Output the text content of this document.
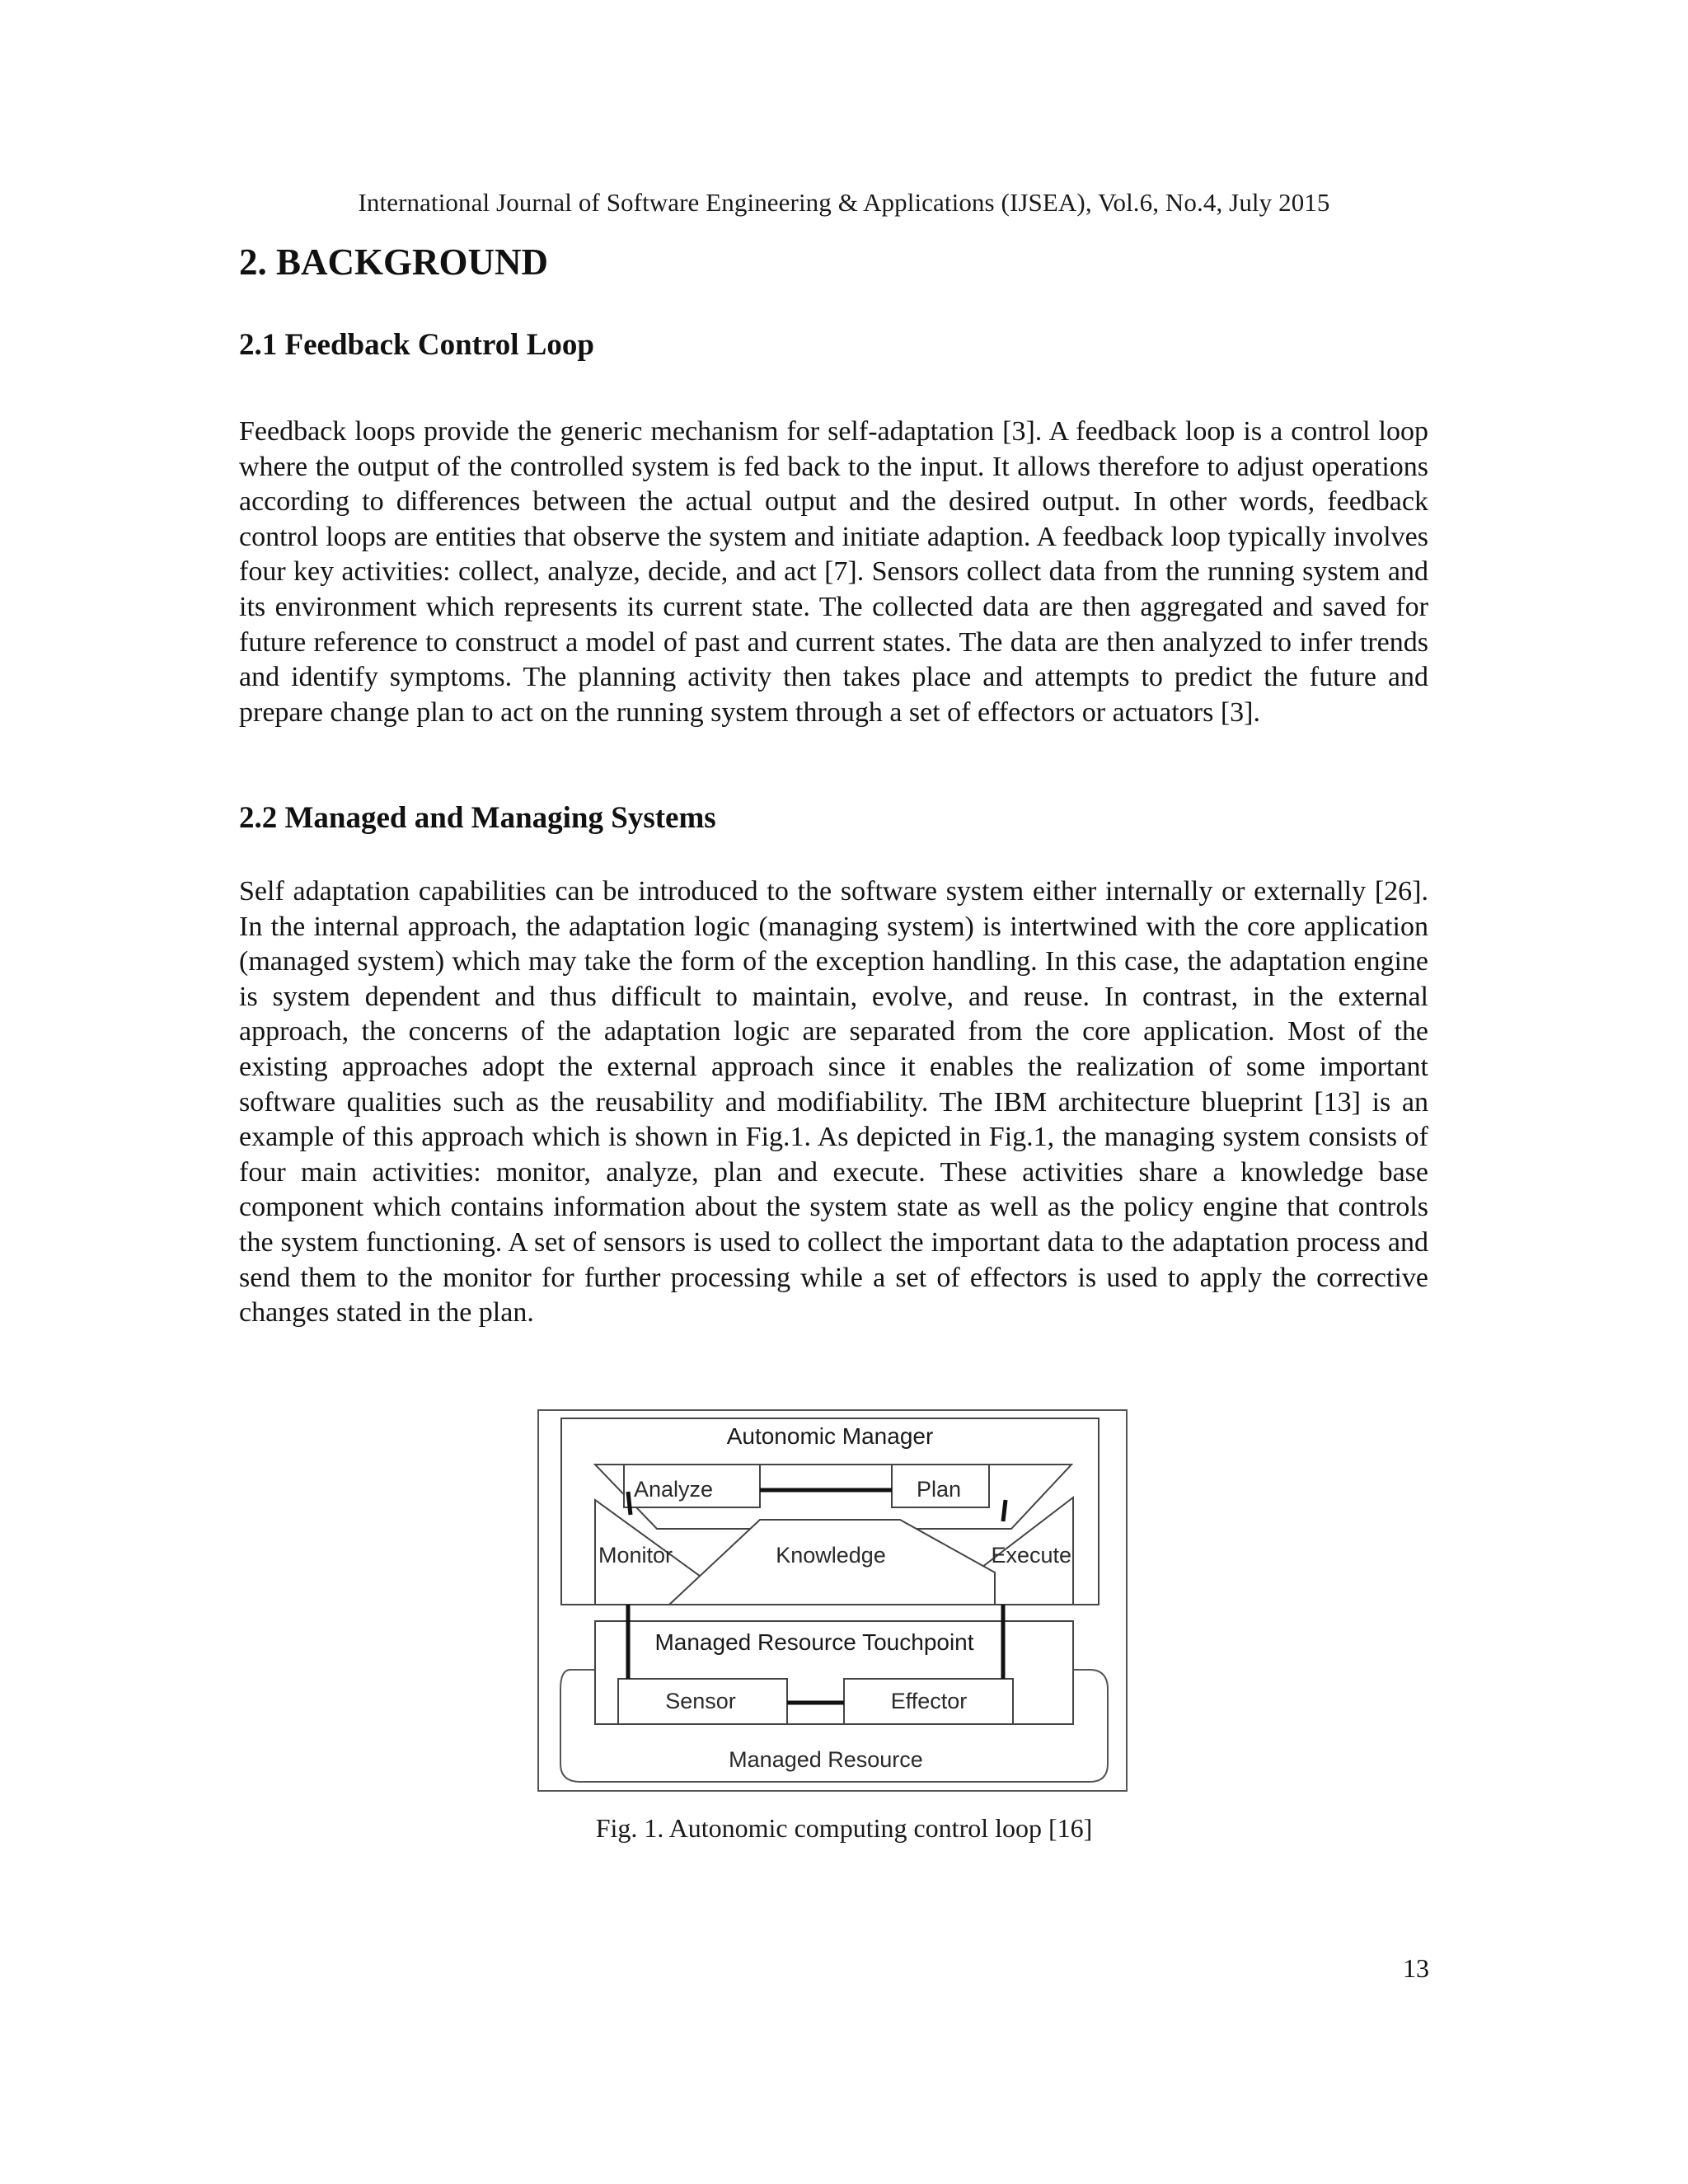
International Journal of Software Engineering & Applications (IJSEA), Vol.6, No.4, July 2015
2. BACKGROUND
2.1 Feedback Control Loop

Feedback loops provide the generic mechanism for self-adaptation [3]. A feedback loop is a control loop where the output of the controlled system is fed back to the input. It allows therefore to adjust operations according to differences between the actual output and the desired output. In other words, feedback control loops are entities that observe the system and initiate adaption. A feedback loop typically involves four key activities: collect, analyze, decide, and act [7]. Sensors collect data from the running system and its environment which represents its current state. The collected data are then aggregated and saved for future reference to construct a model of past and current states. The data are then analyzed to infer trends and identify symptoms. The planning activity then takes place and attempts to predict the future and prepare change plan to act on the running system through a set of effectors or actuators [3].

2.2 Managed and Managing Systems

Self adaptation capabilities can be introduced to the software system either internally or externally [26]. In the internal approach, the adaptation logic (managing system) is intertwined with the core application (managed system) which may take the form of the exception handling. In this case, the adaptation engine is system dependent and thus difficult to maintain, evolve, and reuse. In contrast, in the external approach, the concerns of the adaptation logic are separated from the core application. Most of the existing approaches adopt the external approach since it enables the realization of some important software qualities such as the reusability and modifiability. The IBM architecture blueprint [13] is an example of this approach which is shown in Fig.1. As depicted in Fig.1, the managing system consists of four main activities: monitor, analyze, plan and execute. These activities share a knowledge base component which contains information about the system state as well as the policy engine that controls the system functioning. A set of sensors is used to collect the important data to the adaptation process and send them to the monitor for further processing while a set of effectors is used to apply the corrective changes stated in the plan.

Autonomic Manager
Analyze	Plan
Monitor	Execute
Knowledge
Managed Resource
Managed Resource Touchpoint
Sensor	Effector
Fig. 1. Autonomic computing control loop [16]
13
